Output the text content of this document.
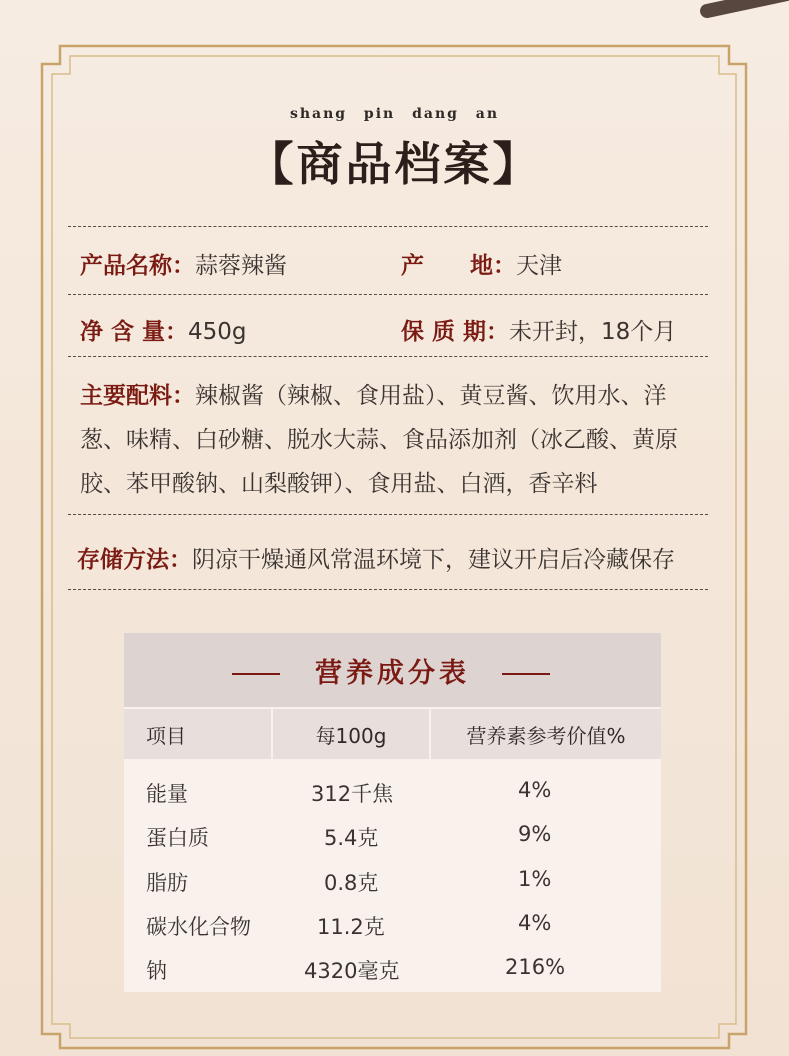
shang pin dang an
【商品档案】
产品名称：蒜蓉辣酱	产　　地：天津
净 含 量：450g	保 质 期：未开封，18个月
主要配料：辣椒酱（辣椒、食用盐）、黄豆酱、饮用水、洋葱、味精、白砂糖、脱水大蒜、食品添加剂（冰乙酸、黄原胶、苯甲酸钠、山梨酸钾）、食用盐、白酒，香辛料
存储方法：阴凉干燥通风常温环境下，建议开启后冷藏保存
营养成分表
项目	每100g	营养素参考价值%
能量	312千焦	4%
蛋白质	5.4克	9%
脂肪	0.8克	1%
碳水化合物	11.2克	4%
钠	4320毫克	216%
